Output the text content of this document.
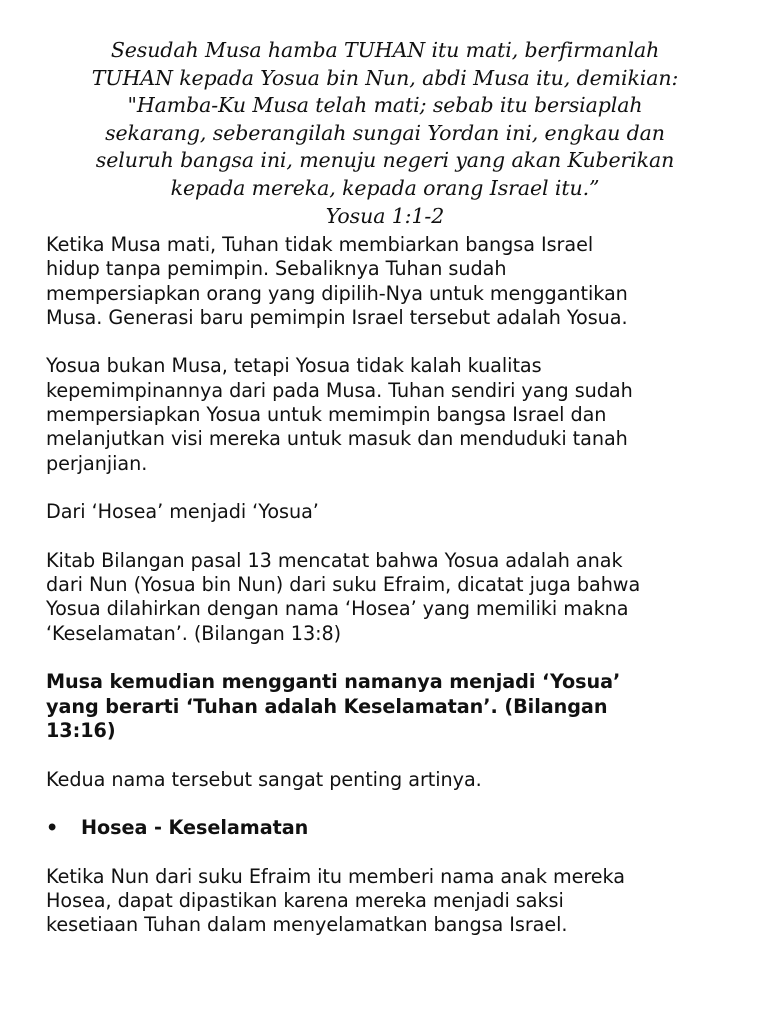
Sesudah Musa hamba TUHAN itu mati, berfirmanlah
TUHAN kepada Yosua bin Nun, abdi Musa itu, demikian:
"Hamba-Ku Musa telah mati; sebab itu bersiaplah
sekarang, seberangilah sungai Yordan ini, engkau dan
seluruh bangsa ini, menuju negeri yang akan Kuberikan
kepada mereka, kepada orang Israel itu.”
Yosua 1:1-2
Ketika Musa mati, Tuhan tidak membiarkan bangsa Israel
hidup tanpa pemimpin. Sebaliknya Tuhan sudah
mempersiapkan orang yang dipilih-Nya untuk menggantikan
Musa. Generasi baru pemimpin Israel tersebut adalah Yosua.
Yosua bukan Musa, tetapi Yosua tidak kalah kualitas
kepemimpinannya dari pada Musa. Tuhan sendiri yang sudah
mempersiapkan Yosua untuk memimpin bangsa Israel dan
melanjutkan visi mereka untuk masuk dan menduduki tanah
perjanjian.
Dari ‘Hosea’ menjadi ‘Yosua’
Kitab Bilangan pasal 13 mencatat bahwa Yosua adalah anak
dari Nun (Yosua bin Nun) dari suku Efraim, dicatat juga bahwa
Yosua dilahirkan dengan nama ‘Hosea’ yang memiliki makna
‘Keselamatan’. (Bilangan 13:8)
Musa kemudian mengganti namanya menjadi ‘Yosua’
yang berarti ‘Tuhan adalah Keselamatan’. (Bilangan
13:16)
Kedua nama tersebut sangat penting artinya.
• Hosea - Keselamatan
Ketika Nun dari suku Efraim itu memberi nama anak mereka
Hosea, dapat dipastikan karena mereka menjadi saksi
kesetiaan Tuhan dalam menyelamatkan bangsa Israel.
